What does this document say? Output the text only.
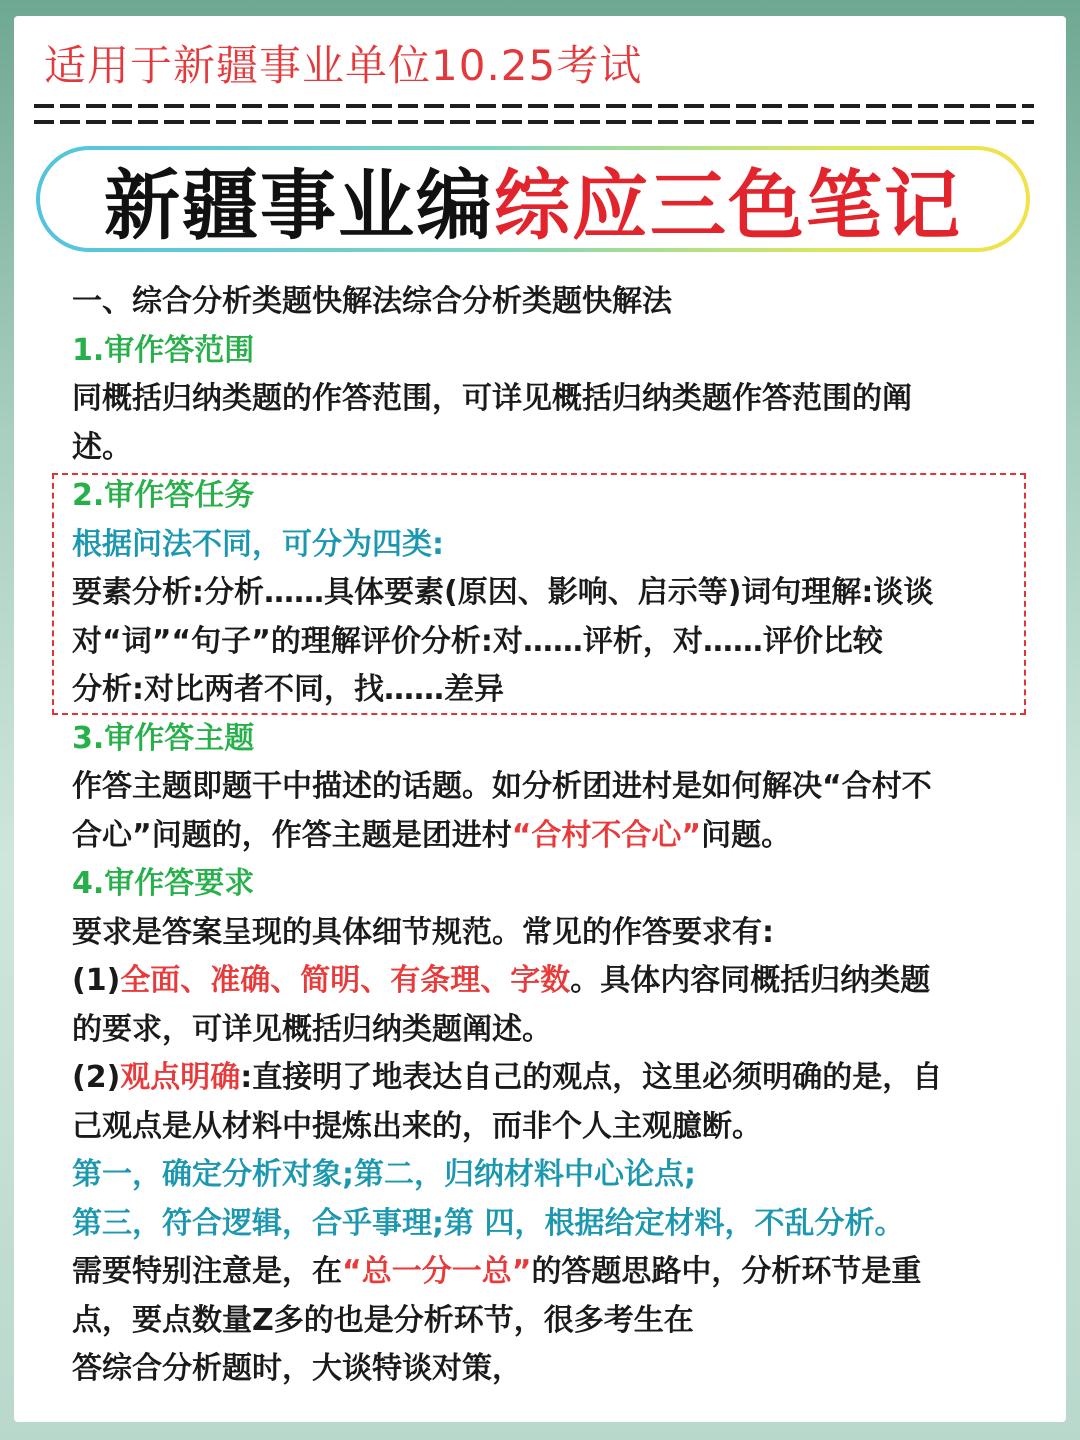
适用于新疆事业单位10.25考试
新疆事业编综应三色笔记

一、综合分析类题快解法综合分析类题快解法

1.审作答范围

同概括归纳类题的作答范围，可详见概括归纳类题作答范围的阐

述。

2.审作答任务

根据问法不同，可分为四类:

要素分析:分析……具体要素(原因、影响、启示等)词句理解:谈谈

对“词”“句子”的理解评价分析:对……评析，对……评价比较

分析:对比两者不同，找……差异

3.审作答主题

作答主题即题干中描述的话题。如分析团进村是如何解决“合村不

合心”问题的，作答主题是团进村“合村不合心”问题。

4.审作答要求

要求是答案呈现的具体细节规范。常见的作答要求有:

(1)全面、准确、简明、有条理、字数。具体内容同概括归纳类题

的要求，可详见概括归纳类题阐述。

(2)观点明确:直接明了地表达自己的观点，这里必须明确的是，自

己观点是从材料中提炼出来的，而非个人主观臆断。

第一，确定分析对象;第二，归纳材料中心论点;

第三，符合逻辑，合乎事理;第 四，根据给定材料，不乱分析。

需要特别注意是，在“总一分一总”的答题思路中，分析环节是重

点，要点数量Z多的也是分析环节，很多考生在

答综合分析题时，大谈特谈对策，
